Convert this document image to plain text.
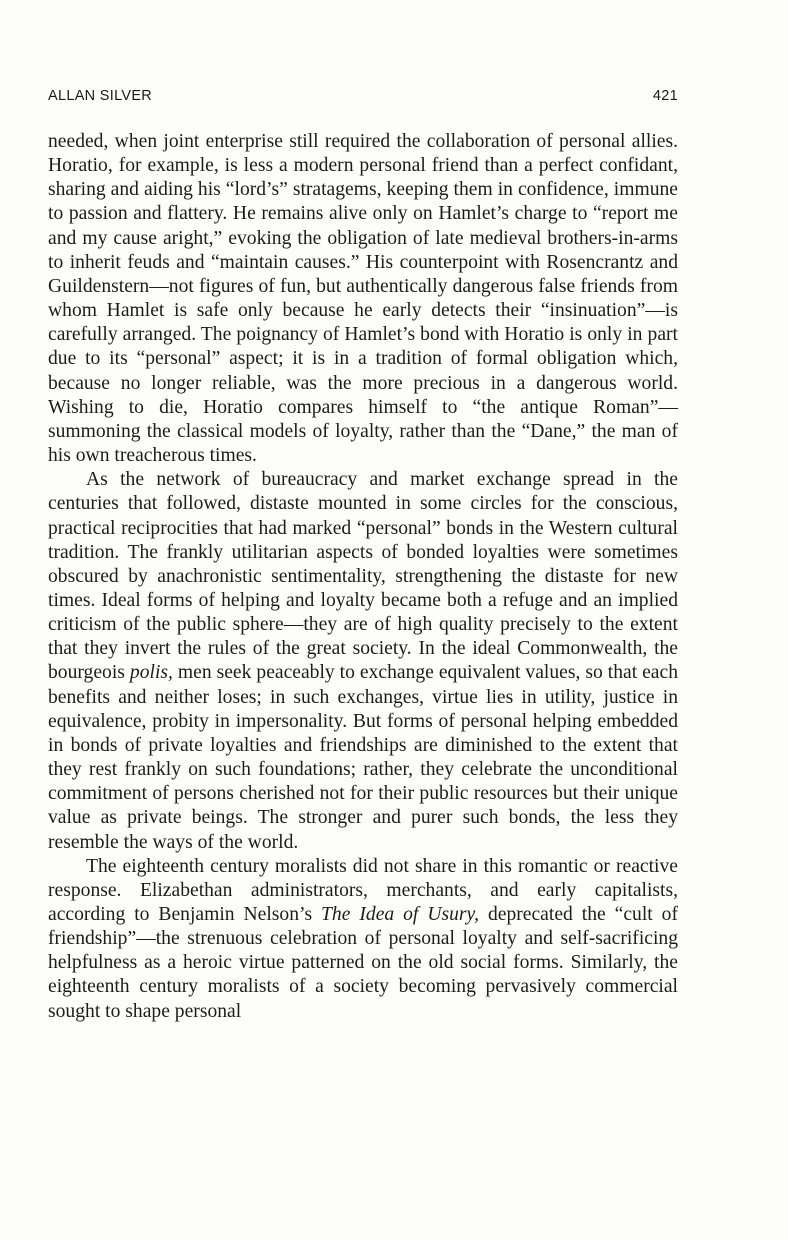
ALLAN SILVER	421

needed, when joint enterprise still required the collaboration of personal allies. Horatio, for example, is less a modern personal friend than a perfect confidant, sharing and aiding his “lord’s” stratagems, keeping them in confidence, immune to passion and flattery. He remains alive only on Hamlet’s charge to “report me and my cause aright,” evoking the obligation of late medieval brothers-in-arms to inherit feuds and “maintain causes.” His counterpoint with Rosencrantz and Guildenstern—not figures of fun, but authentically dangerous false friends from whom Hamlet is safe only because he early detects their “insinuation”—is carefully arranged. The poignancy of Hamlet’s bond with Horatio is only in part due to its “personal” aspect; it is in a tradition of formal obligation which, because no longer reliable, was the more precious in a dangerous world. Wishing to die, Horatio compares himself to “the antique Roman”—summoning the classical models of loyalty, rather than the “Dane,” the man of his own treacherous times.

As the network of bureaucracy and market exchange spread in the centuries that followed, distaste mounted in some circles for the conscious, practical reciprocities that had marked “personal” bonds in the Western cultural tradition. The frankly utilitarian aspects of bonded loyalties were sometimes obscured by anachronistic sentimentality, strengthening the distaste for new times. Ideal forms of helping and loyalty became both a refuge and an implied criticism of the public sphere—they are of high quality precisely to the extent that they invert the rules of the great society. In the ideal Commonwealth, the bourgeois polis, men seek peaceably to exchange equivalent values, so that each benefits and neither loses; in such exchanges, virtue lies in utility, justice in equivalence, probity in impersonality. But forms of personal helping embedded in bonds of private loyalties and friendships are diminished to the extent that they rest frankly on such foundations; rather, they celebrate the unconditional commitment of persons cherished not for their public resources but their unique value as private beings. The stronger and purer such bonds, the less they resemble the ways of the world.

The eighteenth century moralists did not share in this romantic or reactive response. Elizabethan administrators, merchants, and early capitalists, according to Benjamin Nelson’s The Idea of Usury, deprecated the “cult of friendship”—the strenuous celebration of personal loyalty and self-sacrificing helpfulness as a heroic virtue patterned on the old social forms. Similarly, the eighteenth century moralists of a society becoming pervasively commercial sought to shape personal
